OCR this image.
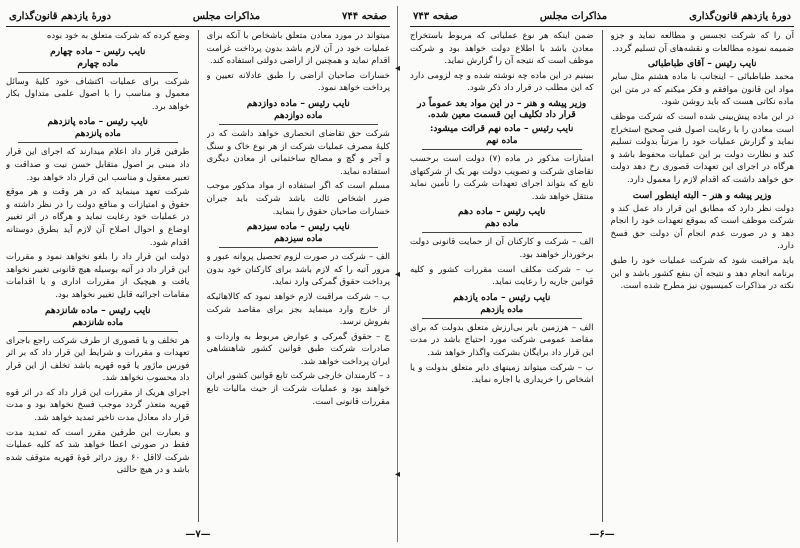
صفحه ۷۴۴
مذاکرات مجلس
دورهٔ یازدهم قانون‌گذاری
میتواند در مورد معادن متعلق باشخاص با آنکه برای عملیات خود در آن لازم باشد بدون پرداخت غرامت اقدام نماید و همچنین از اراضی دولتی استفاده کند.
خسارات صاحبان اراضی را طبق عادلانه تعیین و پرداخت خواهد نمود.
نایب رئیس – ماده دوازدهم
ماده دوازدهم
شرکت حق تقاضای انحصاری خواهد داشت که در کلیهٔ مصرف عملیات شرکت از هر نوع خاک و سنگ و آجر و گچ و مصالح ساختمانی از معادن دیگری استفاده نماید.
مسلم است که اگر استفاده از مواد مذکور موجب ضرر اشخاص ثالث باشد شرکت باید جبران خسارات صاحبان حقوق را بنماید.
نایب رئیس – ماده سیزدهم
ماده سیزدهم
الف – شرکت در صورت لزوم تحصیل پروانه عبور و مرور آتیه را که لازم باشد برای کارکنان خود بدون پرداخت حقوق گمرکی وارد نماید.
ب – شرکت مراقبت لازم خواهد نمود که کالاهائیکه از خارج وارد مینماید بجز برای مقاصد شرکت بفروش نرسد.
ج – حقوق گمرکی و عوارض مربوط به واردات و صادرات شرکت طبق قوانین کشور شاهنشاهی ایران پرداخت خواهد شد.
د – کارمندان خارجی شرکت تابع قوانین کشور ایران خواهند بود و عملیات شرکت از حیث مالیات تابع مقررات قانونی است.
وضع کرده که شرکت متعلق به خود بوده
نایب رئیس – ماده چهارم
ماده چهارم
شرکت برای عملیات اکتشاف خود کلیهٔ وسائل معمول و مناسب را با اصول علمی متداول بکار خواهد برد.
نایب رئیس – ماده پانزدهم
ماده پانزدهم
طرفین قرار داد اعلام میدارند که اجرای این قرار داد مبنی بر اصول متقابل حسن نیت و صداقت و تعبیر معقول و مناسب این قرار داد خواهد بود.
شرکت تعهد مینماید که در هر وقت و هر موقع حقوق و امتیازات و منافع دولت را در نظر داشته و در عملیات خود رعایت نماید و هرگاه در اثر تغییر اوضاع و احوال اصلاح آن لازم آید بطرق دوستانه اقدام شود.
دولت این قرار داد را بلغو نخواهد نمود و مقررات این قرار داد در آتیه بوسیله هیچ قانونی تغییر نخواهد یافت و هیچیک از مقررات اداری و یا اقدامات مقامات اجرائیه قابل تغییر نخواهد بود.
نایب رئیس – ماده شانزدهم
ماده شانزدهم
هر تخلف و یا قصوری از طرف شرکت راجع باجرای تعهدات و مقررات و شرایط این قرار داد که بر اثر فورس ماژور یا قوه قهریه باشد تخلف از این قرار داد محسوب نخواهد شد.
اجرای هریک از مقررات این قرار داد که در اثر قوه قهریه متعذر گردد موجب فسخ نخواهد بود و مدت قرار داد معادل مدت تاخیر تمدید خواهد شد.
و بعبارت این طرفین مقرر است که تمدید مدت فقط در صورتی اعطا خواهد شد که کلیه عملیات شرکت لااقل ۶۰ روز دراثر قوهٔ قهریه متوقف شده باشد و در هیچ حالتی
—۷—
◂
◂
◂
دورهٔ یازدهم قانون‌گذاری
مذاکرات مجلس
صفحه ۷۴۳
آن را که شرکت تجسس و مطالعه نماید و جزو ضمیمه نموده مطالعات و نقشه‌های آن تسلیم گردد.
نایب رئیس – آقای طباطبائی
محمد طباطبائی – اینجانب با ماده هشتم مثل سایر مواد این قانون موافقم و فکر میکنم که در متن این ماده نکاتی هست که باید روشن شود.
در این ماده پیش‌بینی شده است که شرکت موظف است معادن را با رعایت اصول فنی صحیح استخراج نماید و گزارش عملیات خود را مرتباً بدولت تسلیم کند و نظارت دولت بر این عملیات محفوظ باشد و هرگاه در اجرای این تعهدات قصوری رخ دهد دولت حق خواهد داشت که اقدام لازم را معمول دارد.
وزیر پیشه و هنر – البته اینطور است
دولت نظر دارد که مطابق این قرار داد عمل کند و شرکت موظف است که بموقع تعهدات خود را انجام دهد و در صورت عدم انجام آن دولت حق فسخ دارد.
باید مراقبت شود که شرکت عملیات خود را طبق برنامه انجام دهد و نتیجه آن بنفع کشور باشد و این نکته در مذاکرات کمیسیون نیز مطرح شده است.
ضمن اینکه هر نوع عملیاتی که مربوط باستخراج معادن باشد با اطلاع دولت خواهد بود و شرکت موظف است که نتیجه آن را گزارش نماید.
ببینیم در این ماده چه نوشته شده و چه لزومی دارد که این مطلب در قرار داد ذکر شود.
وزیر پیشه و هنر – در این مواد بعد عموماً در قرار داد تکلیف این قسمت معین شده.
نایب رئیس – ماده نهم قرائت میشود:
ماده نهم
امتیازات مذکور در ماده (۷) دولت است برحسب تقاضای شرکت و تصویب دولت بهر یک از شرکتهای تابع که بتواند اجرای تعهدات شرکت را تأمین نماید منتقل خواهد شد.
نایب رئیس – ماده دهم
ماده دهم
الف – شرکت و کارکنان آن از حمایت قانونی دولت برخوردار خواهند بود.
ب – شرکت مکلف است مقررات کشور و کلیه قوانین جاریه را رعایت نماید.
نایب رئیس – ماده یازدهم
ماده یازدهم
الف – هرزمین بایر بی‌ارزش متعلق بدولت که برای مقاصد عمومی شرکت مورد احتیاج باشد در مدت این قرار داد برایگان بشرکت واگذار خواهد شد.
ب – شرکت میتواند زمینهای دایر متعلق بدولت و یا اشخاص را خریداری یا اجاره نماید.
—۶—
